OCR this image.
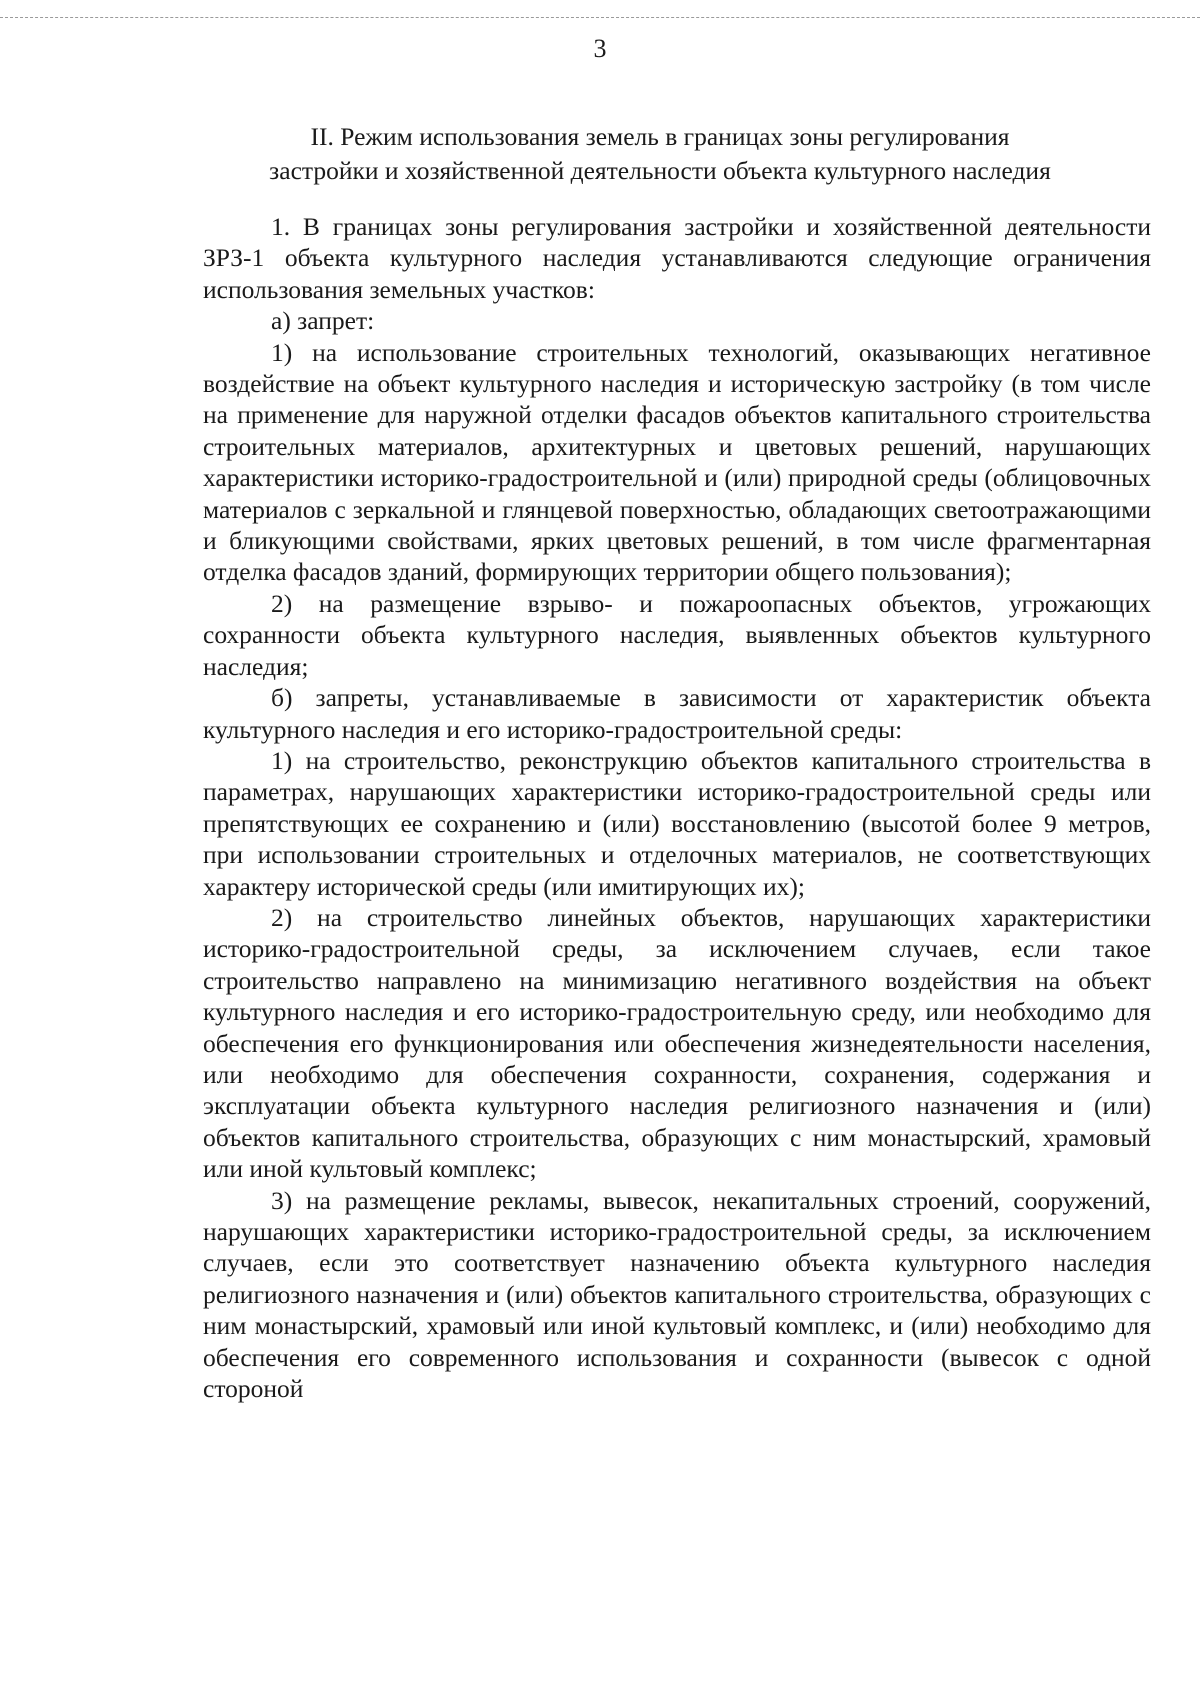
3
II. Режим использования земель в границах зоны регулирования
застройки и хозяйственной деятельности объекта культурного наследия

1. В границах зоны регулирования застройки и хозяйственной деятельности ЗРЗ-1 объекта культурного наследия устанавливаются следующие ограничения использования земельных участков:

а) запрет:

1) на использование строительных технологий, оказывающих негативное воздействие на объект культурного наследия и историческую застройку (в том числе на применение для наружной отделки фасадов объектов капитального строительства строительных материалов, архитектурных и цветовых решений, нарушающих характеристики историко-градостроительной и (или) природной среды (облицовочных материалов с зеркальной и глянцевой поверхностью, обладающих светоотражающими и бликующими свойствами, ярких цветовых решений, в том числе фрагментарная отделка фасадов зданий, формирующих территории общего пользования);

2) на размещение взрыво- и пожароопасных объектов, угрожающих сохранности объекта культурного наследия, выявленных объектов культурного наследия;

б) запреты, устанавливаемые в зависимости от характеристик объекта культурного наследия и его историко-градостроительной среды:

1) на строительство, реконструкцию объектов капитального строительства в параметрах, нарушающих характеристики историко-градостроительной среды или препятствующих ее сохранению и (или) восстановлению (высотой более 9 метров, при использовании строительных и отделочных материалов, не соответствующих характеру исторической среды (или имитирующих их);

2) на строительство линейных объектов, нарушающих характеристики историко-градостроительной среды, за исключением случаев, если такое строительство направлено на минимизацию негативного воздействия на объект культурного наследия и его историко-градостроительную среду, или необходимо для обеспечения его функционирования или обеспечения жизнедеятельности населения, или необходимо для обеспечения сохранности, сохранения, содержания и эксплуатации объекта культурного наследия религиозного назначения и (или) объектов капитального строительства, образующих с ним монастырский, храмовый или иной культовый комплекс;

3) на размещение рекламы, вывесок, некапитальных строений, сооружений, нарушающих характеристики историко-градостроительной среды, за исключением случаев, если это соответствует назначению объекта культурного наследия религиозного назначения и (или) объектов капитального строительства, образующих с ним монастырский, храмовый или иной культовый комплекс, и (или) необходимо для обеспечения его современного использования и сохранности (вывесок с одной стороной
